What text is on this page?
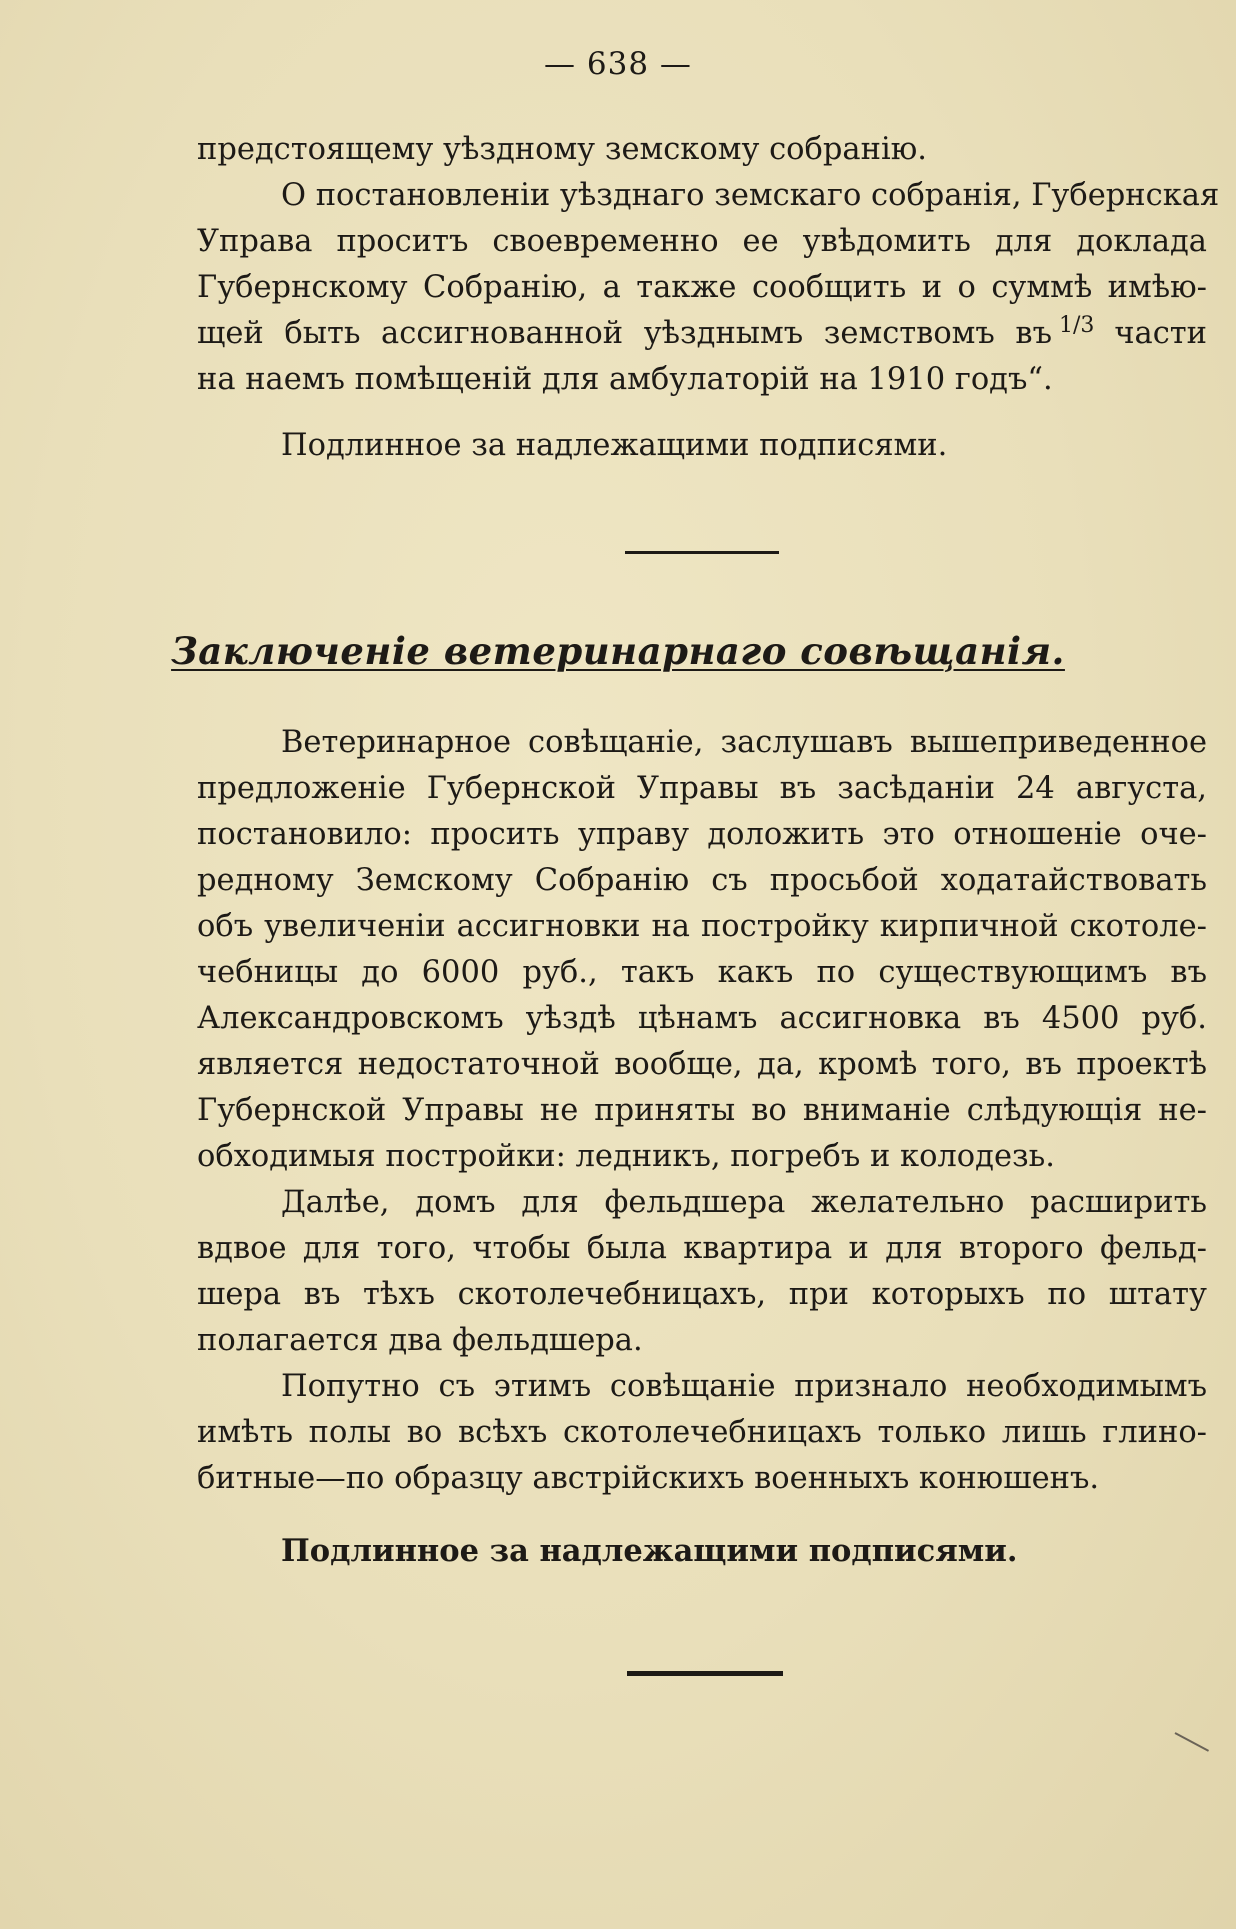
— 638 —
предстоящему уѣздному земскому собранію.
О постановленіи уѣзднаго земскаго собранія, Губернская
Управа проситъ своевременно ее увѣдомить для доклада
Губернскому Собранію, а также сообщить и о суммѣ имѣю-
щей быть ассигнованной уѣзднымъ земствомъ въ 1/3 части
на наемъ помѣщеній для амбулаторій на 1910 годъ“.
Подлинное за надлежащими подписями.
Заключеніе ветеринарнаго совѣщанія.
Ветеринарное совѣщаніе, заслушавъ вышеприведенное
предложеніе Губернской Управы въ засѣданіи 24 августа,
постановило: просить управу доложить это отношеніе оче-
редному Земскому Собранію съ просьбой ходатайствовать
объ увеличеніи ассигновки на постройку кирпичной скотоле-
чебницы до 6000 руб., такъ какъ по существующимъ въ
Александровскомъ уѣздѣ цѣнамъ ассигновка въ 4500 руб.
является недостаточной вообще, да, кромѣ того, въ проектѣ
Губернской Управы не приняты во вниманіе слѣдующія не-
обходимыя постройки: ледникъ, погребъ и колодезь.
Далѣе, домъ для фельдшера желательно расширить
вдвое для того, чтобы была квартира и для второго фельд-
шера въ тѣхъ скотолечебницахъ, при которыхъ по штату
полагается два фельдшера.
Попутно съ этимъ совѣщаніе признало необходимымъ
имѣть полы во всѣхъ скотолечебницахъ только лишь глино-
битные—по образцу австрійскихъ военныхъ конюшенъ.
Подлинное за надлежащими подписями.
